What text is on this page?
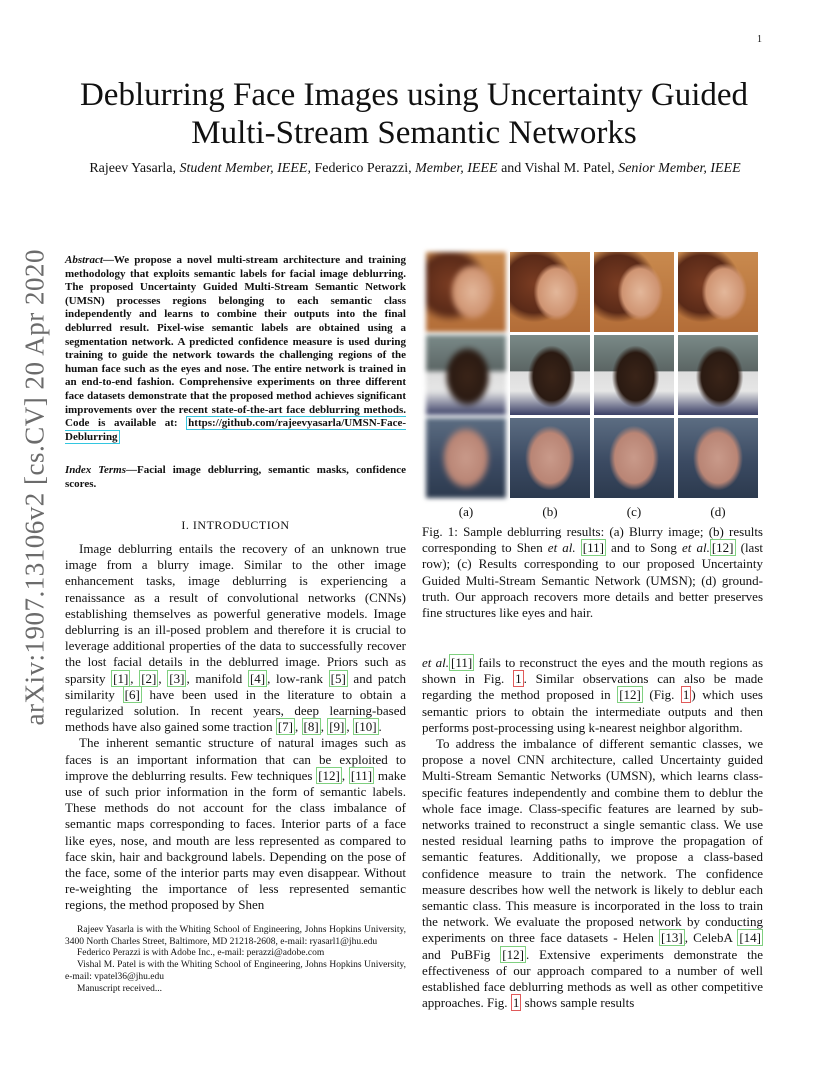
1
arXiv:1907.13106v2 [cs.CV] 20 Apr 2020
Deblurring Face Images using Uncertainty Guided
Multi-Stream Semantic Networks
Rajeev Yasarla, Student Member, IEEE, Federico Perazzi, Member, IEEE and Vishal M. Patel, Senior Member, IEEE
Abstract—We propose a novel multi-stream architecture and training methodology that exploits semantic labels for facial image deblurring. The proposed Uncertainty Guided Multi-Stream Semantic Network (UMSN) processes regions belonging to each semantic class independently and learns to combine their outputs into the final deblurred result. Pixel-wise semantic labels are obtained using a segmentation network. A predicted confidence measure is used during training to guide the network towards the challenging regions of the human face such as the eyes and nose. The entire network is trained in an end-to-end fashion. Comprehensive experiments on three different face datasets demonstrate that the proposed method achieves significant improvements over the recent state-of-the-art face deblurring methods. Code is available at: https://github.com/rajeevyasarla/UMSN-Face-Deblurring
Index Terms—Facial image deblurring, semantic masks, confidence scores.
I. INTRODUCTION

Image deblurring entails the recovery of an unknown true image from a blurry image. Similar to the other image enhancement tasks, image deblurring is experiencing a renaissance as a result of convolutional networks (CNNs) establishing themselves as powerful generative models. Image deblurring is an ill-posed problem and therefore it is crucial to leverage additional properties of the data to successfully recover the lost facial details in the deblurred image. Priors such as sparsity [1] , [2] , [3] , manifold [4] , low-rank [5] and patch similarity [6] have been used in the literature to obtain a regularized solution. In recent years, deep learning-based methods have also gained some traction [7] , [8] , [9] , [10] .

The inherent semantic structure of natural images such as faces is an important information that can be exploited to improve the deblurring results. Few techniques [12] , [11] make use of such prior information in the form of semantic labels. These methods do not account for the class imbalance of semantic maps corresponding to faces. Interior parts of a face like eyes, nose, and mouth are less represented as compared to face skin, hair and background labels. Depending on the pose of the face, some of the interior parts may even disappear. Without re-weighting the importance of less represented semantic regions, the method proposed by Shen

Rajeev Yasarla is with the Whiting School of Engineering, Johns Hopkins University, 3400 North Charles Street, Baltimore, MD 21218-2608, e-mail: ryasarl1@jhu.edu
Federico Perazzi is with Adobe Inc., e-mail: perazzi@adobe.com
Vishal M. Patel is with the Whiting School of Engineering, Johns Hopkins University, e-mail: vpatel36@jhu.edu
Manuscript received...
(a)	(b)	(c)	(d)
Fig. 1: Sample deblurring results: (a) Blurry image; (b) results corresponding to Shen et al. [11] and to Song et al. [12] (last row); (c) Results corresponding to our proposed Uncertainty Guided Multi-Stream Semantic Network (UMSN); (d) ground-truth. Our approach recovers more details and better preserves fine structures like eyes and hair.

et al. [11] fails to reconstruct the eyes and the mouth regions as shown in Fig. 1 . Similar observations can also be made regarding the method proposed in [12] (Fig. 1 ) which uses semantic priors to obtain the intermediate outputs and then performs post-processing using k-nearest neighbor algorithm.

To address the imbalance of different semantic classes, we propose a novel CNN architecture, called Uncertainty guided Multi-Stream Semantic Networks (UMSN), which learns class-specific features independently and combine them to deblur the whole face image. Class-specific features are learned by sub-networks trained to reconstruct a single semantic class. We use nested residual learning paths to improve the propagation of semantic features. Additionally, we propose a class-based confidence measure to train the network. The confidence measure describes how well the network is likely to deblur each semantic class. This measure is incorporated in the loss to train the network. We evaluate the proposed network by conducting experiments on three face datasets - Helen [13] , CelebA [14] and PuBFig [12] . Extensive experiments demonstrate the effectiveness of our approach compared to a number of well established face deblurring methods as well as other competitive approaches. Fig. 1 shows sample results
